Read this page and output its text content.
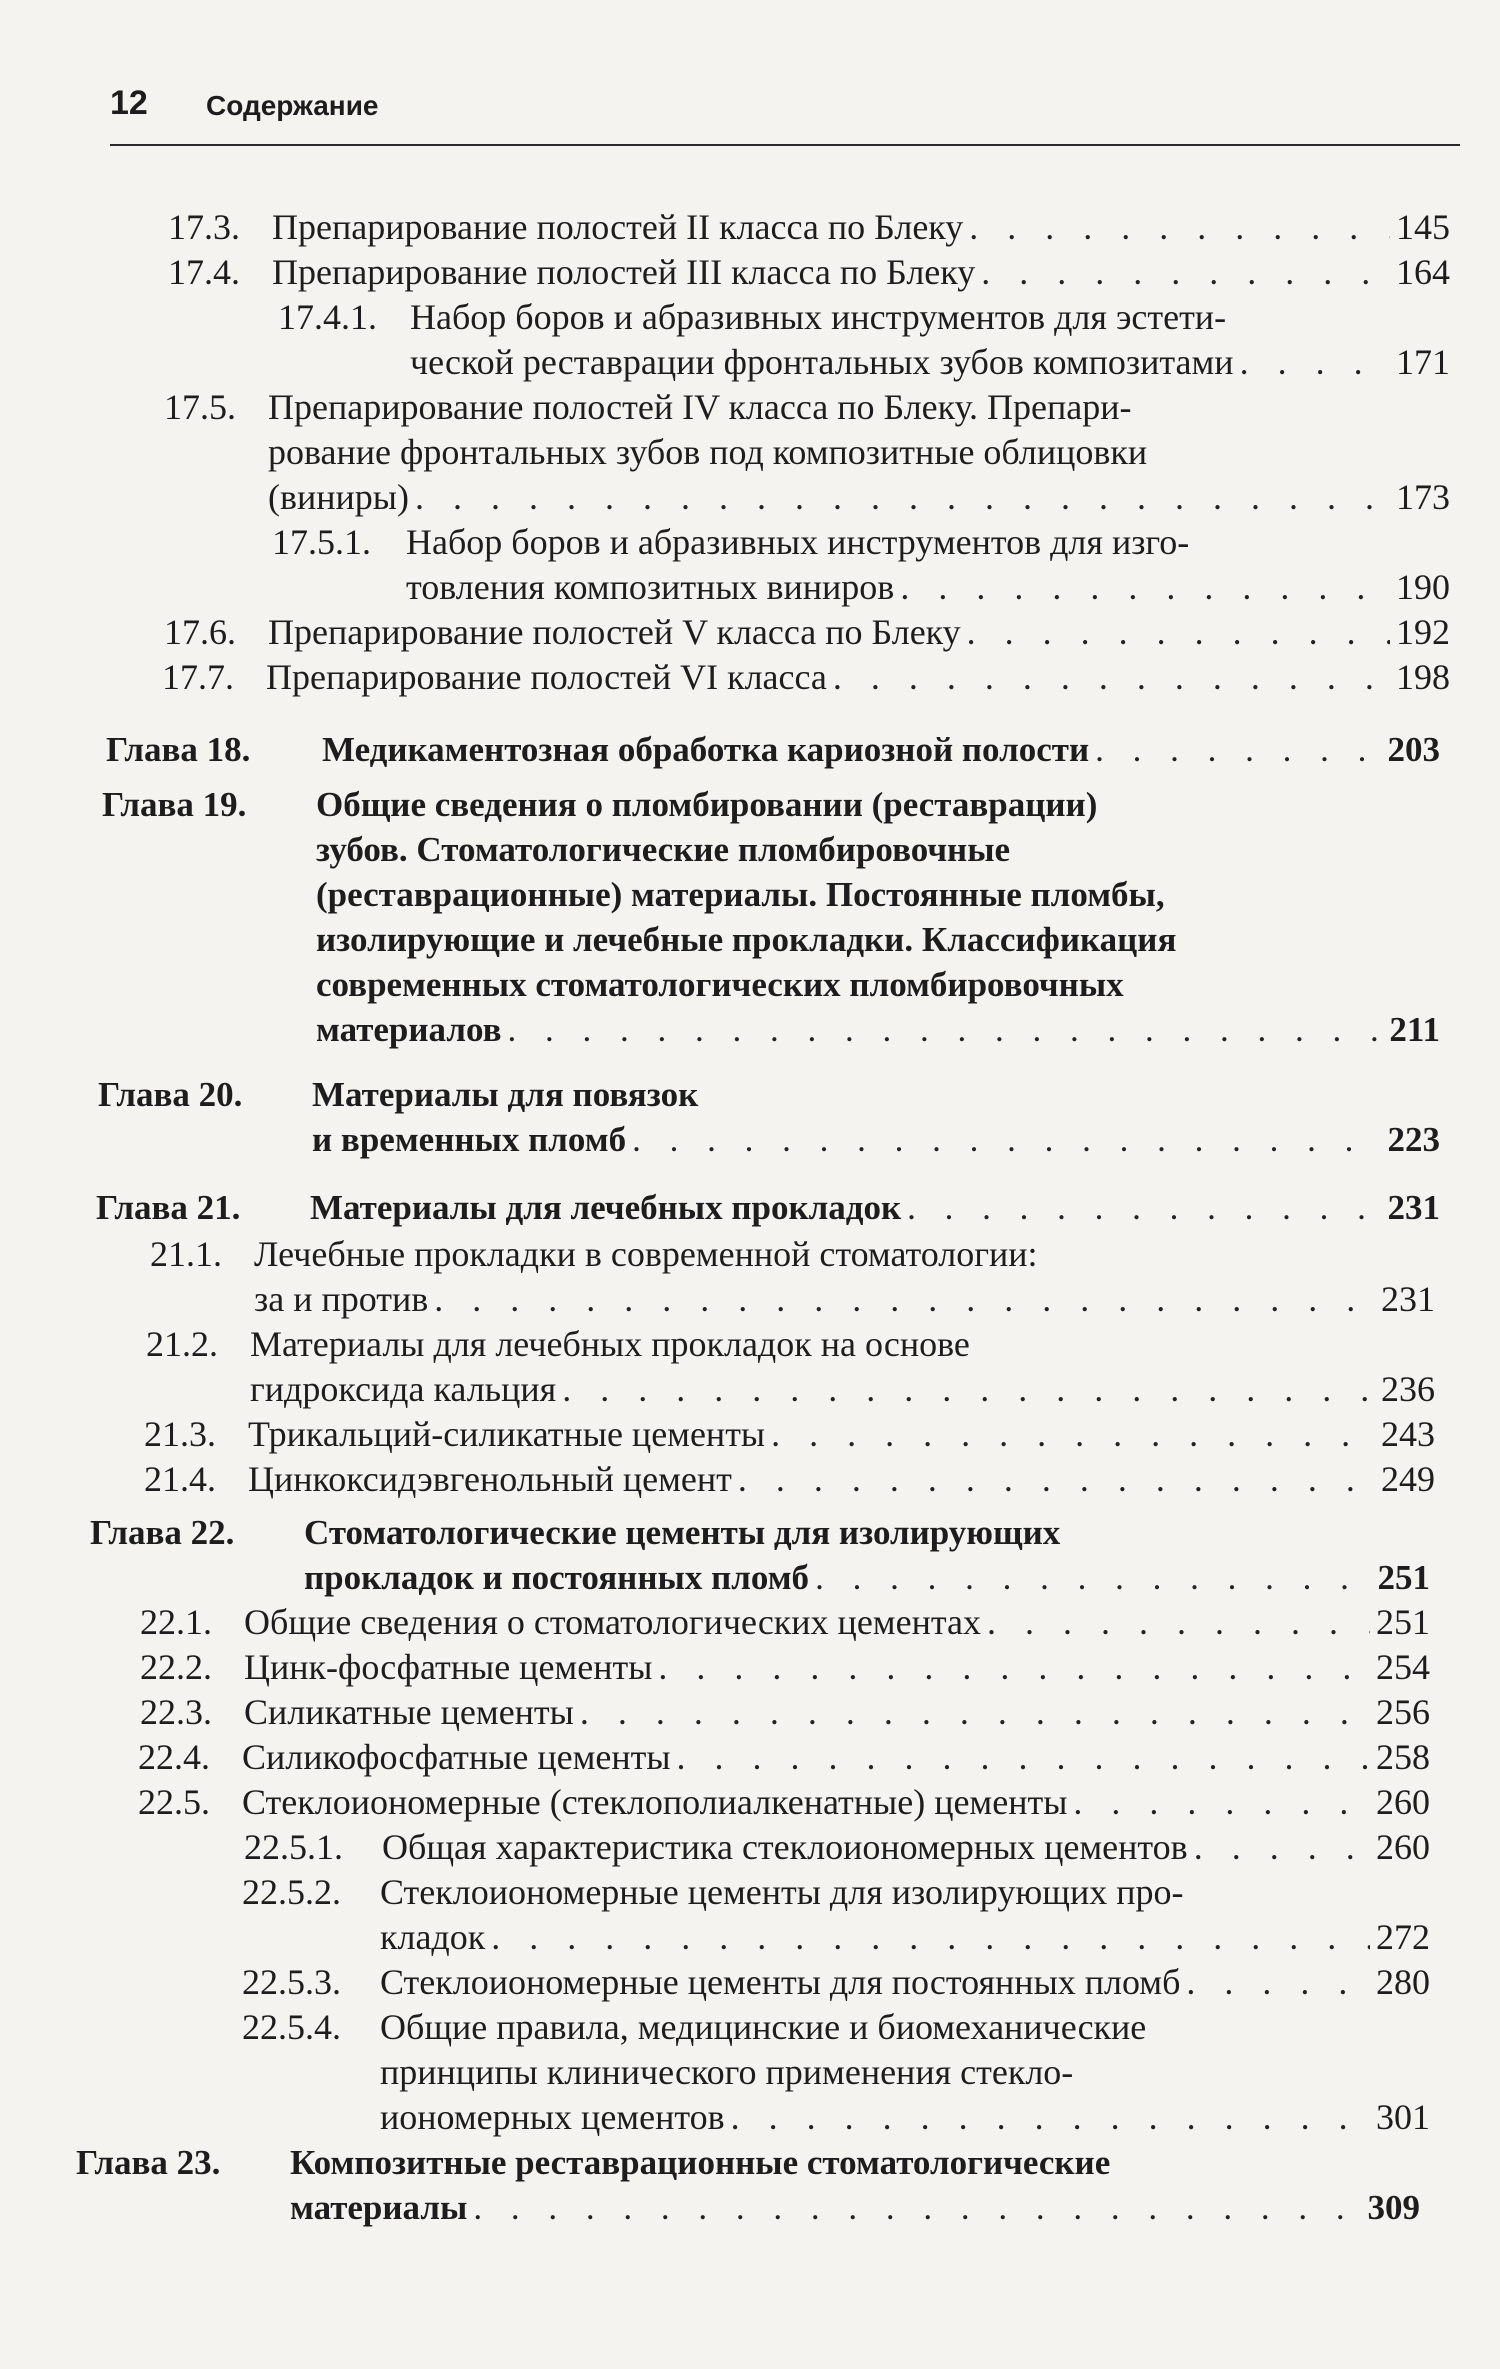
12 Содержание
17.3. Препарирование полостей II класса по Блеку . . .	145
17.4. Препарирование полостей III класса по Блеку . . .	164
17.4.1. Набор боров и абразивных инструментов для эстети-
ческой реставрации фронтальных зубов композитами . . .	171
17.5. Препарирование полостей IV класса по Блеку. Препари-
рование фронтальных зубов под композитные облицовки
(виниры) . . .	173
17.5.1. Набор боров и абразивных инструментов для изго-
товления композитных виниров . . .	190
17.6. Препарирование полостей V класса по Блеку . . .	192
17.7. Препарирование полостей VI класса . . .	198
Глава 18. Медикаментозная обработка кариозной полости . . .	203
Глава 19. Общие сведения о пломбировании (реставрации)
зубов. Стоматологические пломбировочные
(реставрационные) материалы. Постоянные пломбы,
изолирующие и лечебные прокладки. Классификация
современных стоматологических пломбировочных
материалов . . .	211
Глава 20. Материалы для повязок
и временных пломб . . .	223
Глава 21. Материалы для лечебных прокладок . . .	231
21.1. Лечебные прокладки в современной стоматологии:
за и против . . .	231
21.2. Материалы для лечебных прокладок на основе
гидроксида кальция . . .	236
21.3. Трикальций-силикатные цементы . . .	243
21.4. Цинкоксидэвгенольный цемент . . .	249
Глава 22. Стоматологические цементы для изолирующих
прокладок и постоянных пломб . . .	251
22.1. Общие сведения о стоматологических цементах . . .	251
22.2. Цинк-фосфатные цементы . . .	254
22.3. Силикатные цементы . . .	256
22.4. Силикофосфатные цементы . . .	258
22.5. Стеклоиономерные (стеклополиалкенатные) цементы . . .	260
22.5.1. Общая характеристика стеклоиономерных цементов . . .	260
22.5.2. Стеклоиономерные цементы для изолирующих про-
кладок . . .	272
22.5.3. Стеклоиономерные цементы для постоянных пломб . . .	280
22.5.4. Общие правила, медицинские и биомеханические
принципы клинического применения стекло-
иономерных цементов . . .	301
Глава 23. Композитные реставрационные стоматологические
материалы . . .	309
